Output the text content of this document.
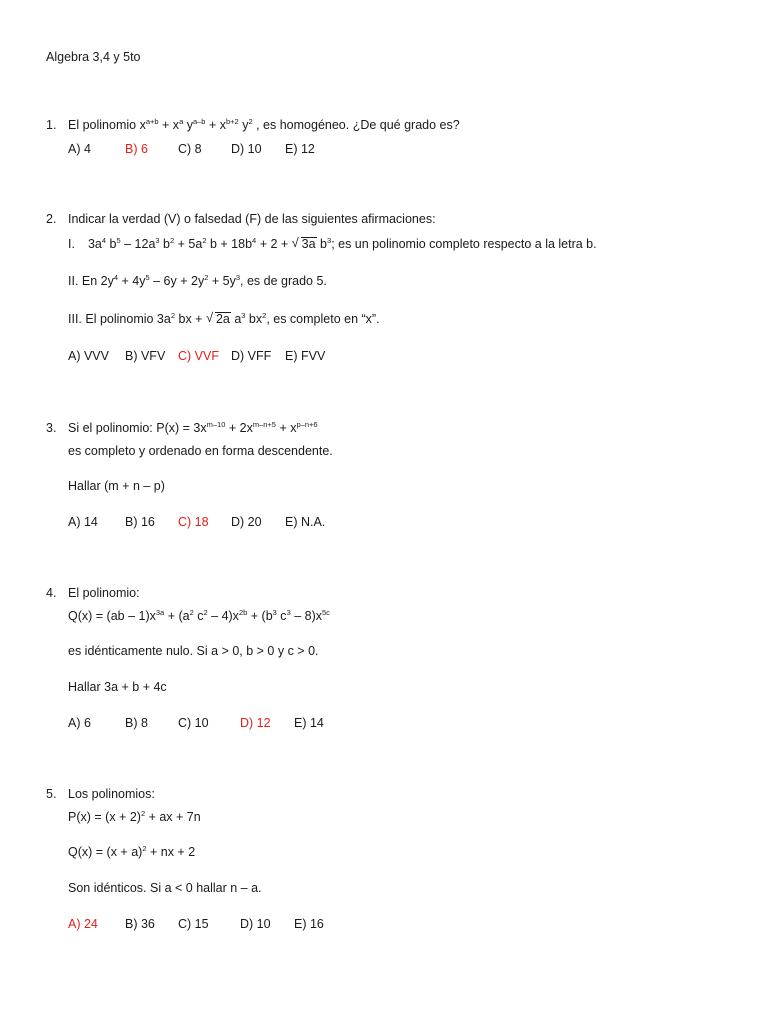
Algebra 3,4 y 5to
1. El polinomio $x^{a+b} + x^a$ $y^{a-b} + x^{b+2}$ $y^2$ , es homogéneo. ¿De qué grado es?
A) 4	B) 6 C) 8 D) 10 E) 12
2. Indicar la verdad (V) o falsedad (F) de las siguientes afirmaciones:
I. $3a^4$ $b^5 - 12a^3$ $b^2 + 5a^2$ $b + 18b^4 + 2$ + √ 3a $b^3$; es un polinomio completo respecto a la letra b.
II. En $2y^4 + 4y^5 - 6y + 2y^2 + 5y^3$, es de grado 5.
III. El polinomio $3a^2$ bx + √ 2a $a^3$ $bx^2$, es completo en “x”.
A) VVV B) VFV C) VVF D) VFF E) FVV
3. Si el polinomio: $P(x) = 3x^{m-10} + 2x^{m-n+5} + x^{p-n+6}$
es completo y ordenado en forma descendente.
Hallar (m + n – p)
A) 14 B) 16 C) 18 D) 20 E) N.A.
4. El polinomio:
$Q(x) = (ab - 1)x^{3a} + (a^2$ $c^2 - 4)x^{2b} + (b^3$ $c^3 - 8)x^{5c}$
es idénticamente nulo. Si a > 0, b > 0 y c > 0.
Hallar 3a + b + 4c
A) 6	B) 8 C) 10	D) 12 E) 14
5. Los polinomios:
$P(x) = (x + 2)^2$ + ax + 7n
$Q(x) = (x + a)^2$ + nx + 2
Son idénticos. Si a < 0 hallar n – a.
A) 24 B) 36 C) 15	D) 10 E) 16
